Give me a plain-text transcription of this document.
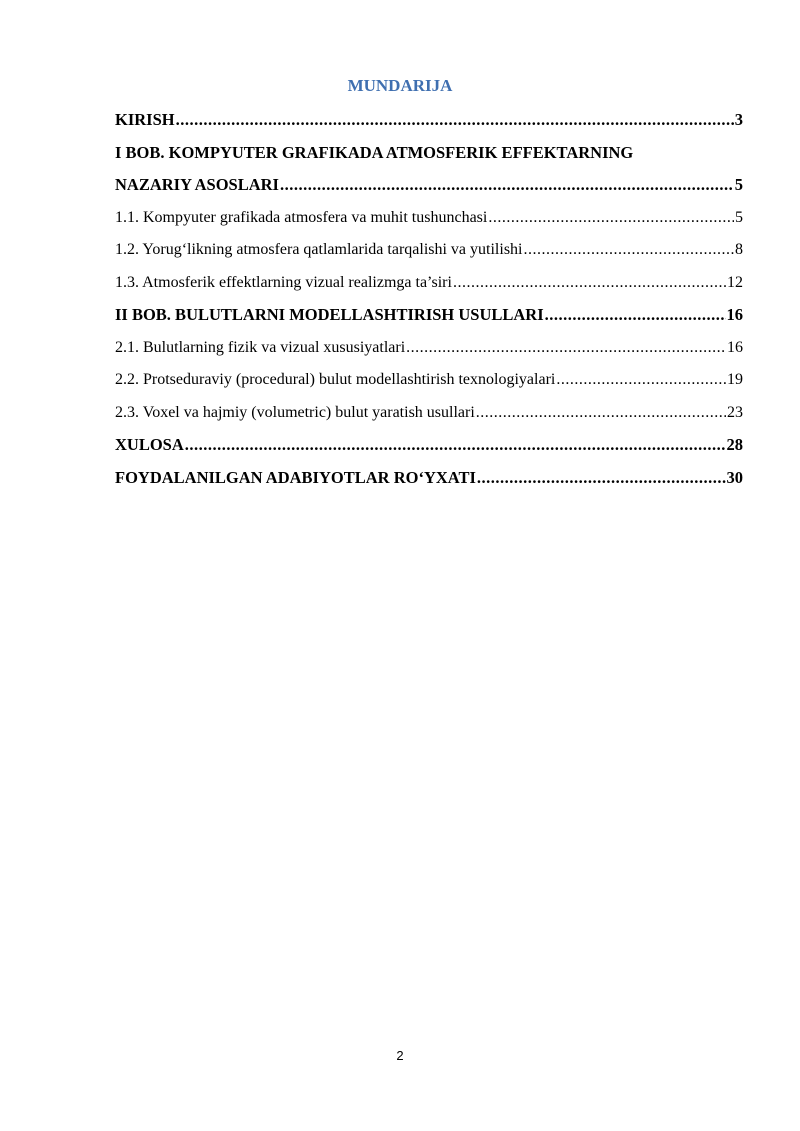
MUNDARIJA
KIRISH .....	3
I BOB. KOMPYUTER GRAFIKADA ATMOSFERIK EFFEKTARNING
NAZARIY ASOSLARI .....	5
1.1. Kompyuter grafikada atmosfera va muhit tushunchasi .....	5
1.2. Yorug‘likning atmosfera qatlamlarida tarqalishi va yutilishi .....	8
1.3. Atmosferik effektlarning vizual realizmga ta’siri .....	12
II BOB. BULUTLARNI MODELLASHTIRISH USULLARI .....	16
2.1. Bulutlarning fizik va vizual xususiyatlari .....	16
2.2. Protseduraviy (procedural) bulut modellashtirish texnologiyalari .....	19
2.3. Voxel va hajmiy (volumetric) bulut yaratish usullari .....	23
XULOSA .....	28
FOYDALANILGAN ADABIYOTLAR RO‘YXATI .....	30
2
